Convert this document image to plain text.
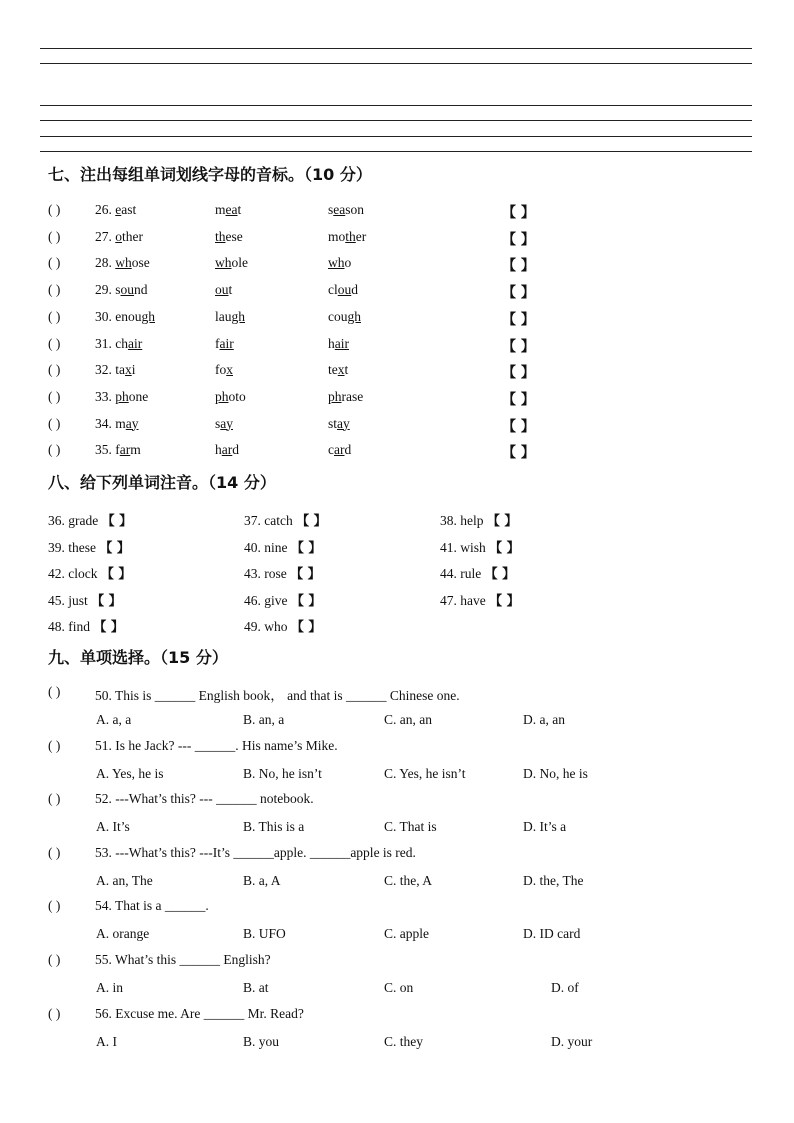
七、注出每组单词划线字母的音标。（10 分）
( )	26. east	meat	season	【 】
( )	27. other	these	mother	【 】
( )	28. whose	whole	who	【 】
( )	29. sound	out	cloud	【 】
( )	30. enough	laugh	cough	【 】
( )	31. chair	fair	hair	【 】
( )	32. taxi	fox	text	【 】
( )	33. phone	photo	phrase	【 】
( )	34. may	say	stay	【 】
( )	35. farm	hard	card	【 】
八、给下列单词注音。（14 分）
36. grade 【 】	37. catch 【 】	38. help 【 】
39. these 【 】	40. nine 【 】	41. wish 【 】
42. clock 【 】	43. rose 【 】	44. rule 【 】
45. just 【 】	46. give 【 】	47. have 【 】
48. find 【 】	49. who 【 】
九、单项选择。（15 分）
( )	50. This is ______ English book， and that is ______ Chinese one.
A. a, a	B. an, a	C. an, an	D. a, an
( )	51. Is he Jack? --- ______. His name’s Mike.
A. Yes, he is	B. No, he isn’t	C. Yes, he isn’t	D. No, he is
( )	52. ---What’s this? --- ______ notebook.
A. It’s	B. This is a	C. That is	D. It’s a
( )	53. ---What’s this? ---It’s ______apple. ______apple is red.
A. an, The	B. a, A	C. the, A	D. the, The
( )	54. That is a ______.
A. orange	B. UFO	C. apple	D. ID card
( )	55. What’s this ______ English?
A. in	B. at	C. on	D. of
( )	56. Excuse me. Are ______ Mr. Read?
A. I	B. you	C. they	D. your
